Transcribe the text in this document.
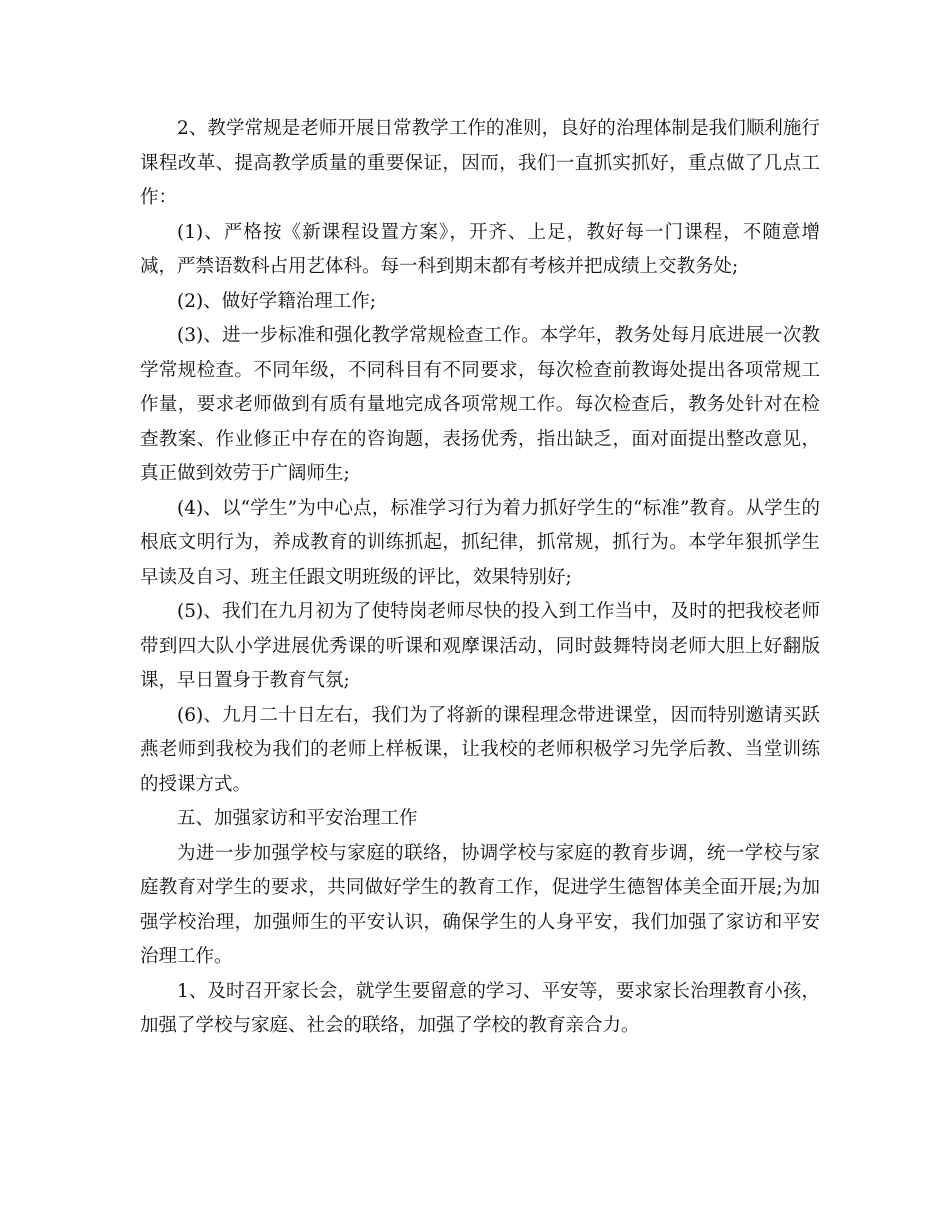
2、教学常规是老师开展日常教学工作的准则，良好的治理体制是我们顺利施行课程改革、提高教学质量的重要保证，因而，我们一直抓实抓好，重点做了几点工作：

(1)、严格按《新课程设置方案》，开齐、上足，教好每一门课程，不随意增减，严禁语数科占用艺体科。每一科到期末都有考核并把成绩上交教务处;

(2)、做好学籍治理工作;

(3)、进一步标准和强化教学常规检查工作。本学年，教务处每月底进展一次教学常规检查。不同年级，不同科目有不同要求，每次检查前教诲处提出各项常规工作量，要求老师做到有质有量地完成各项常规工作。每次检查后，教务处针对在检查教案、作业修正中存在的咨询题，表扬优秀，指出缺乏，面对面提出整改意见，真正做到效劳于广阔师生;

(4)、以“学生”为中心点，标准学习行为着力抓好学生的“标准”教育。从学生的根底文明行为，养成教育的训练抓起，抓纪律，抓常规，抓行为。本学年狠抓学生早读及自习、班主任跟文明班级的评比，效果特别好;

(5)、我们在九月初为了使特岗老师尽快的投入到工作当中，及时的把我校老师带到四大队小学进展优秀课的听课和观摩课活动，同时鼓舞特岗老师大胆上好翻版课，早日置身于教育气氛;

(6)、九月二十日左右，我们为了将新的课程理念带进课堂，因而特别邀请买跃燕老师到我校为我们的老师上样板课，让我校的老师积极学习先学后教、当堂训练的授课方式。

五、加强家访和平安治理工作

为进一步加强学校与家庭的联络，协调学校与家庭的教育步调，统一学校与家庭教育对学生的要求，共同做好学生的教育工作，促进学生德智体美全面开展;为加强学校治理，加强师生的平安认识，确保学生的人身平安，我们加强了家访和平安治理工作。

1、及时召开家长会，就学生要留意的学习、平安等，要求家长治理教育小孩，加强了学校与家庭、社会的联络，加强了学校的教育亲合力。
